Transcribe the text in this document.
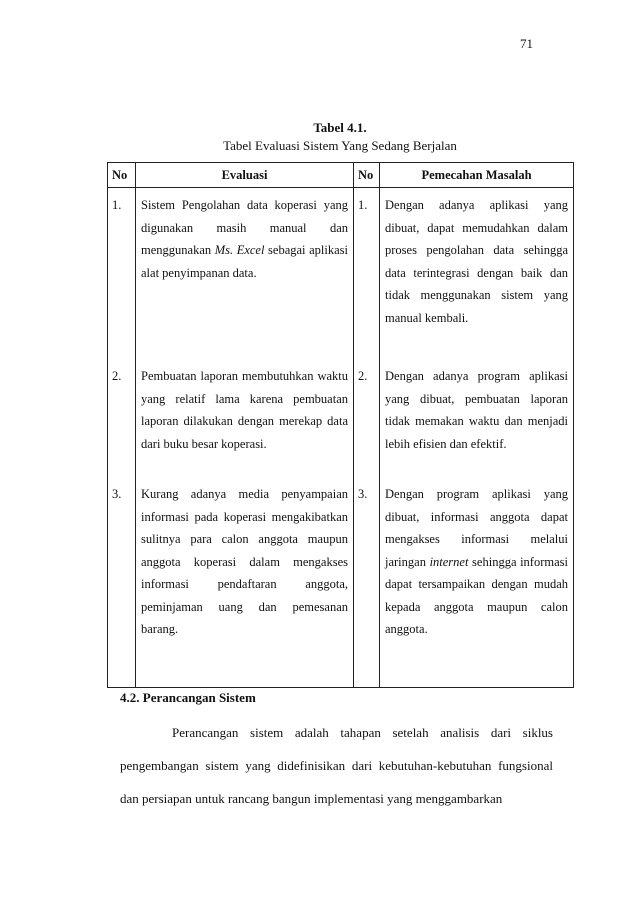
71
Tabel 4.1.
Tabel Evaluasi Sistem Yang Sedang Berjalan
No	Evaluasi	No	Pemecahan Masalah
1.	Sistem Pengolahan data koperasi yang digunakan masih manual dan menggunakan Ms. Excel sebagai aplikasi alat penyimpanan data.	1.	Dengan adanya aplikasi yang dibuat, dapat memudahkan dalam proses pengolahan data sehingga data terintegrasi dengan baik dan tidak menggunakan sistem yang manual kembali.

2.	Pembuatan laporan membutuhkan waktu yang relatif lama karena pembuatan laporan dilakukan dengan merekap data dari buku besar koperasi.	2.	Dengan adanya program aplikasi yang dibuat, pembuatan laporan tidak memakan waktu dan menjadi lebih efisien dan efektif.

3.	Kurang adanya media penyampaian informasi pada koperasi mengakibatkan sulitnya para calon anggota maupun anggota koperasi dalam mengakses informasi pendaftaran anggota, peminjaman uang dan pemesanan barang.	3.	Dengan program aplikasi yang dibuat, informasi anggota dapat mengakses informasi melalui jaringan internet sehingga informasi dapat tersampaikan dengan mudah kepada anggota maupun calon anggota.

4.2. Perancangan Sistem

Perancangan sistem adalah tahapan setelah analisis dari siklus pengembangan sistem yang didefinisikan dari kebutuhan-kebutuhan fungsional dan persiapan untuk rancang bangun implementasi yang menggambarkan
